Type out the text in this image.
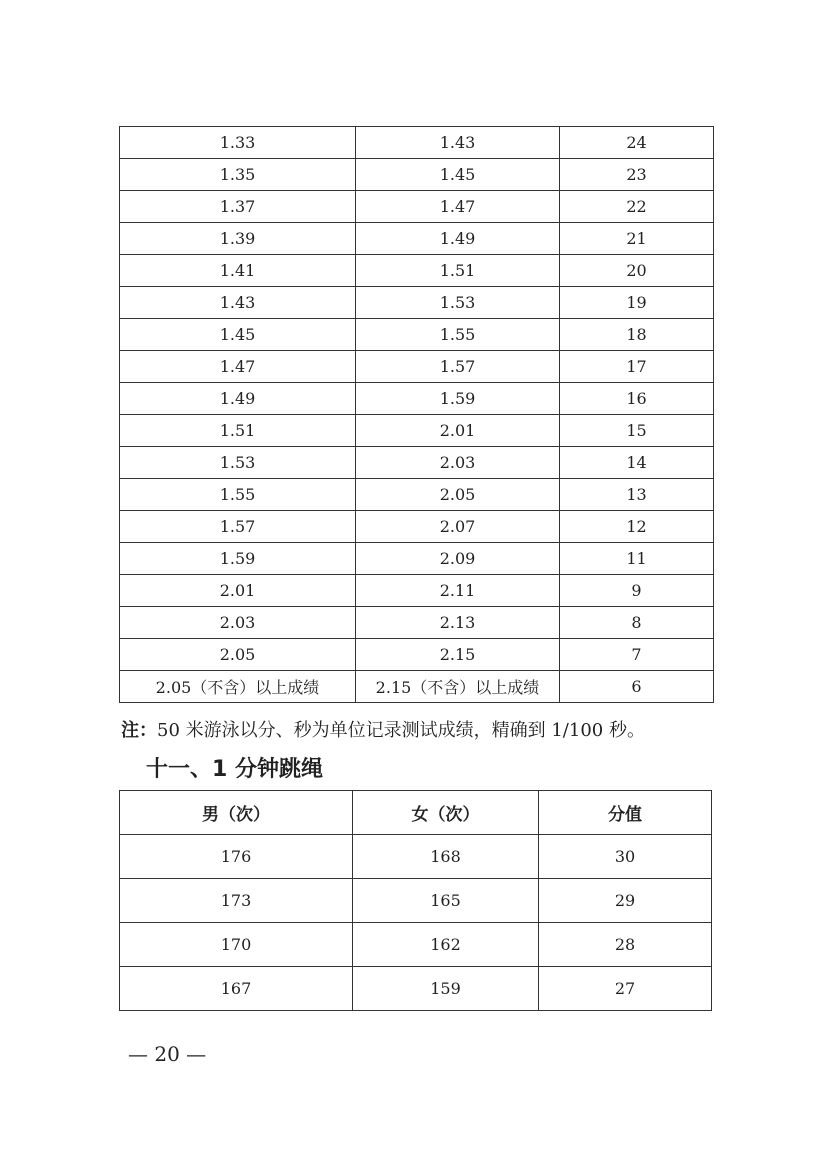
1.33	1.43	24
1.35	1.45	23
1.37	1.47	22
1.39	1.49	21
1.41	1.51	20
1.43	1.53	19
1.45	1.55	18
1.47	1.57	17
1.49	1.59	16
1.51	2.01	15
1.53	2.03	14
1.55	2.05	13
1.57	2.07	12
1.59	2.09	11
2.01	2.11	9
2.03	2.13	8
2.05	2.15	7
2.05（不含）以上成绩	2.15（不含）以上成绩	6
注：50 米游泳以分、秒为单位记录测试成绩，精确到 1/100 秒。
十一、1 分钟跳绳
男（次）	女（次）	分值
176	168	30
173	165	29
170	162	28
167	159	27
— 20 —
